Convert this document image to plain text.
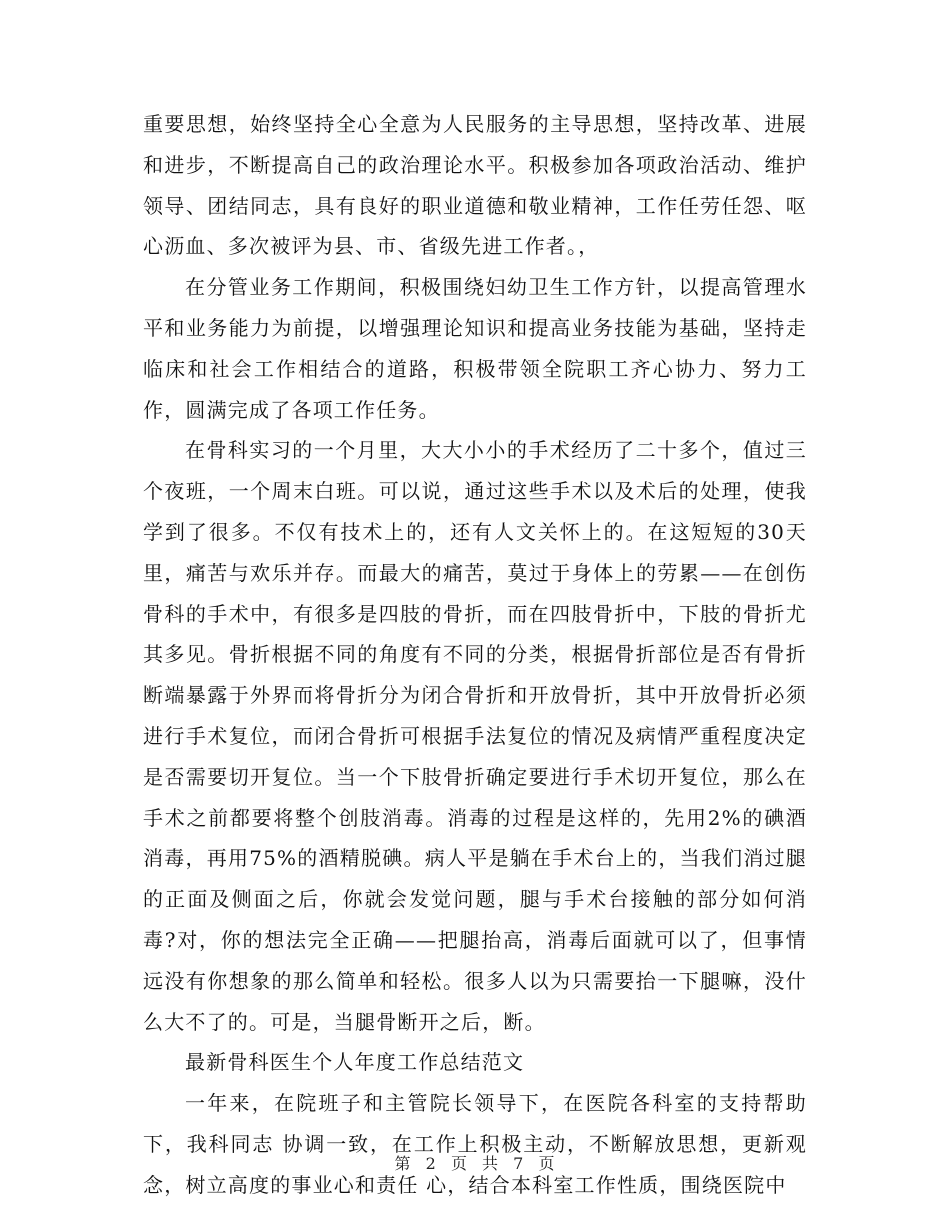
重要思想，始终坚持全心全意为人民服务的主导思想，坚持改革、进展和进步，不断提高自己的政治理论水平。积极参加各项政治活动、维护领导、团结同志，具有良好的职业道德和敬业精神，工作任劳任怨、呕心沥血、多次被评为县、市、省级先进工作者。，

在分管业务工作期间，积极围绕妇幼卫生工作方针，以提高管理水平和业务能力为前提，以增强理论知识和提高业务技能为基础，坚持走临床和社会工作相结合的道路，积极带领全院职工齐心协力、努力工作，圆满完成了各项工作任务。

在骨科实习的一个月里，大大小小的手术经历了二十多个，值过三个夜班，一个周末白班。可以说，通过这些手术以及术后的处理，使我学到了很多。不仅有技术上的，还有人文关怀上的。在这短短的30天里，痛苦与欢乐并存。而最大的痛苦，莫过于身体上的劳累——在创伤骨科的手术中，有很多是四肢的骨折，而在四肢骨折中，下肢的骨折尤其多见。骨折根据不同的角度有不同的分类，根据骨折部位是否有骨折断端暴露于外界而将骨折分为闭合骨折和开放骨折，其中开放骨折必须进行手术复位，而闭合骨折可根据手法复位的情况及病情严重程度决定是否需要切开复位。当一个下肢骨折确定要进行手术切开复位，那么在手术之前都要将整个创肢消毒。消毒的过程是这样的，先用2%的碘酒消毒，再用75%的酒精脱碘。病人平是躺在手术台上的，当我们消过腿的正面及侧面之后，你就会发觉问题，腿与手术台接触的部分如何消毒?对，你的想法完全正确——把腿抬高，消毒后面就可以了，但事情远没有你想象的那么简单和轻松。很多人以为只需要抬一下腿嘛，没什么大不了的。可是，当腿骨断开之后，断。

最新骨科医生个人年度工作总结范文

一年来，在院班子和主管院长领导下，在医院各科室的支持帮助下，我科同志 协调一致，在工作上积极主动，不断解放思想，更新观念，树立高度的事业心和责任 心，结合本科室工作性质，围绕医院中

第 2 页 共 7 页
